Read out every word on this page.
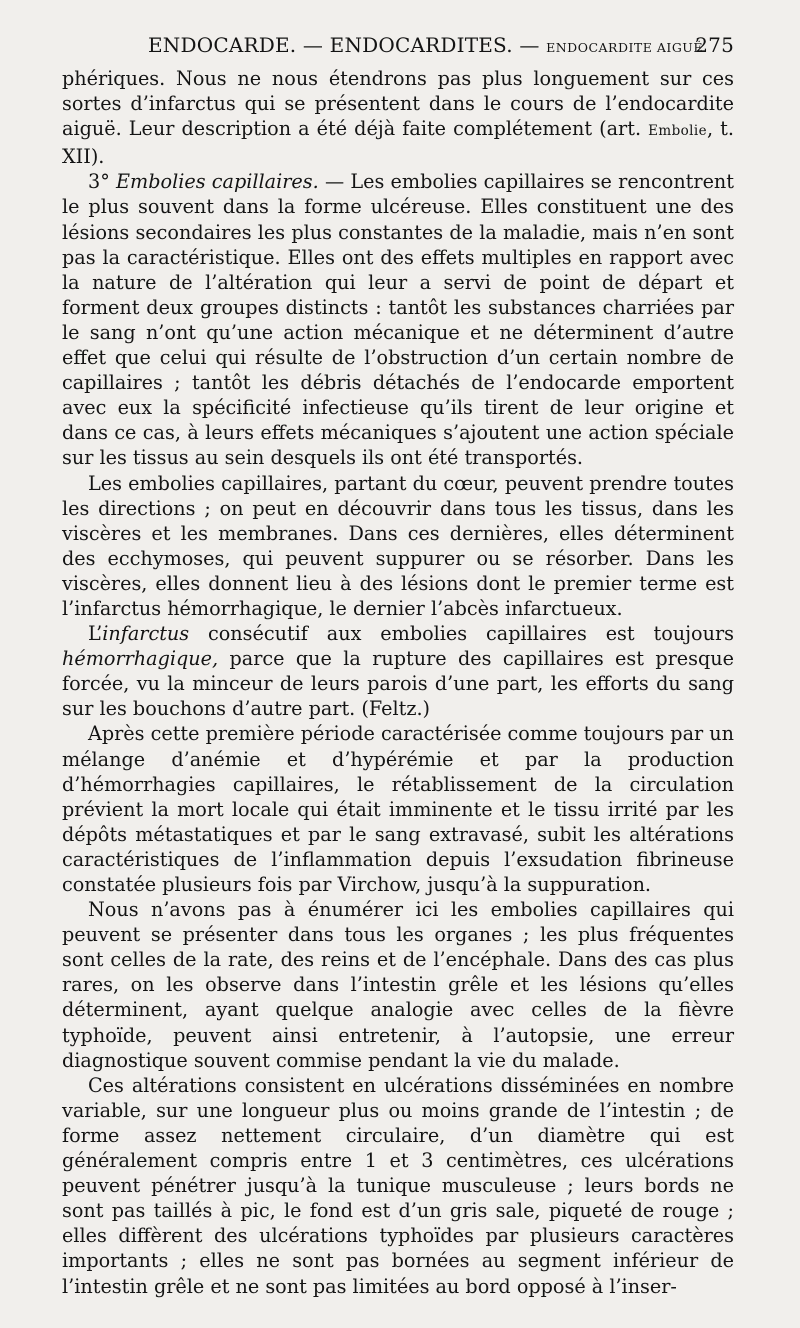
ENDOCARDE. — ENDOCARDITES. — ENDOCARDITE AIGUË.
275

phériques. Nous ne nous étendrons pas plus longuement sur ces sortes d’infarctus qui se présentent dans le cours de l’endocardite aiguë. Leur description a été déjà faite complétement (art. Embolie, t. XII).

3° Embolies capillaires. — Les embolies capillaires se rencontrent le plus souvent dans la forme ulcéreuse. Elles constituent une des lésions secondaires les plus constantes de la maladie, mais n’en sont pas la caractéristique. Elles ont des effets multiples en rapport avec la nature de l’altération qui leur a servi de point de départ et forment deux groupes distincts : tantôt les substances charriées par le sang n’ont qu’une action mécanique et ne déterminent d’autre effet que celui qui résulte de l’obstruction d’un certain nombre de capillaires ; tantôt les débris détachés de l’endocarde emportent avec eux la spécificité infectieuse qu’ils tirent de leur origine et dans ce cas, à leurs effets mécaniques s’ajoutent une action spéciale sur les tissus au sein desquels ils ont été transportés.

Les embolies capillaires, partant du cœur, peuvent prendre toutes les directions ; on peut en découvrir dans tous les tissus, dans les viscères et les membranes. Dans ces dernières, elles déterminent des ecchymoses, qui peuvent suppurer ou se résorber. Dans les viscères, elles donnent lieu à des lésions dont le premier terme est l’infarctus hémorrhagique, le dernier l’abcès infarctueux.

L’infarctus consécutif aux embolies capillaires est toujours hémorrhagique, parce que la rupture des capillaires est presque forcée, vu la minceur de leurs parois d’une part, les efforts du sang sur les bouchons d’autre part. (Feltz.)

Après cette première période caractérisée comme toujours par un mélange d’anémie et d’hypérémie et par la production d’hémorrhagies capillaires, le rétablissement de la circulation prévient la mort locale qui était imminente et le tissu irrité par les dépôts métastatiques et par le sang extravasé, subit les altérations caractéristiques de l’inflammation depuis l’exsudation fibrineuse constatée plusieurs fois par Virchow, jusqu’à la suppuration.

Nous n’avons pas à énumérer ici les embolies capillaires qui peuvent se présenter dans tous les organes ; les plus fréquentes sont celles de la rate, des reins et de l’encéphale. Dans des cas plus rares, on les observe dans l’intestin grêle et les lésions qu’elles déterminent, ayant quelque analogie avec celles de la fièvre typhoïde, peuvent ainsi entretenir, à l’autopsie, une erreur diagnostique souvent commise pendant la vie du malade.

Ces altérations consistent en ulcérations disséminées en nombre variable, sur une longueur plus ou moins grande de l’intestin ; de forme assez nettement circulaire, d’un diamètre qui est généralement compris entre 1 et 3 centimètres, ces ulcérations peuvent pénétrer jusqu’à la tunique musculeuse ; leurs bords ne sont pas taillés à pic, le fond est d’un gris sale, piqueté de rouge ; elles diffèrent des ulcérations typhoïdes par plusieurs caractères importants ; elles ne sont pas bornées au segment inférieur de l’intestin grêle et ne sont pas limitées au bord opposé à l’inser-
